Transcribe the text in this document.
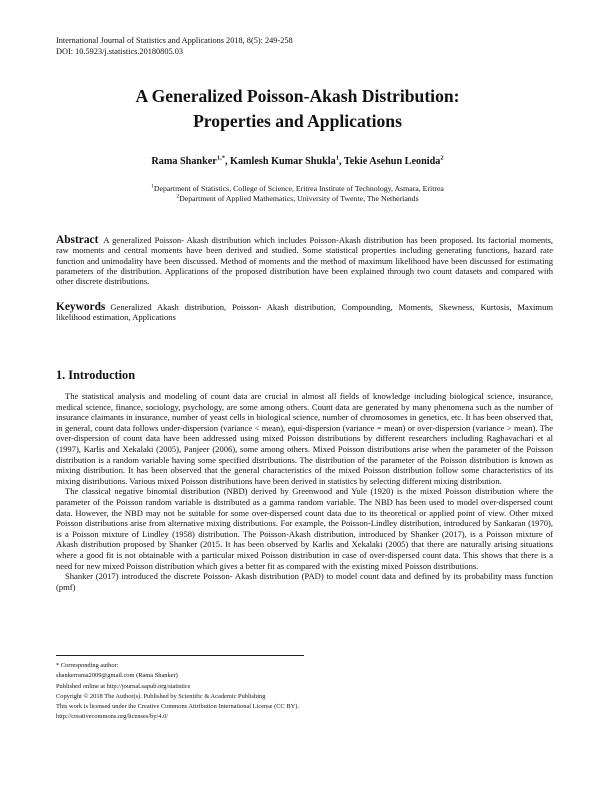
International Journal of Statistics and Applications 2018, 8(5): 249-258
DOI: 10.5923/j.statistics.20180805.03
A Generalized Poisson-Akash Distribution:
Properties and Applications
Rama Shanker$^{1,*}$, Kamlesh Kumar Shukla$^1$, Tekie Asehun Leonida$^2$
$^1$Department of Statistics, College of Science, Eritrea Institute of Technology, Asmara, Eritrea
$^2$Department of Applied Mathematics, University of Twente, The Netherlands
Abstract A generalized Poisson- Akash distribution which includes Poisson-Akash distribution has been proposed. Its factorial moments, raw moments and central moments have been derived and studied. Some statistical properties including generating functions, hazard rate function and unimodality have been discussed. Method of moments and the method of maximum likelihood have been discussed for estimating parameters of the distribution. Applications of the proposed distribution have been explained through two count datasets and compared with other discrete distributions.
Keywords Generalized Akash distribution, Poisson- Akash distribution, Compounding, Moments, Skewness, Kurtosis, Maximum likelihood estimation, Applications
1. Introduction

The statistical analysis and modeling of count data are crucial in almost all fields of knowledge including biological science, insurance, medical science, finance, sociology, psychology, are some among others. Count data are generated by many phenomena such as the number of insurance claimants in insurance, number of yeast cells in biological science, number of chromosomes in genetics, etc. It has been observed that, in general, count data follows under-dispersion (variance < mean), equi-dispersion (variance = mean) or over-dispersion (variance > mean). The over-dispersion of count data have been addressed using mixed Poisson distributions by different researchers including Raghavachari et al (1997), Karlis and Xekalaki (2005), Panjeer (2006), some among others. Mixed Poisson distributions arise when the parameter of the Poisson distribution is a random variable having some specified distributions. The distribution of the parameter of the Poisson distribution is known as mixing distribution. It has been observed that the general characteristics of the mixed Poisson distribution follow some characteristics of its mixing distributions. Various mixed Poisson distributions have been derived in statistics by selecting different mixing distribution.

The classical negative binomial distribution (NBD) derived by Greenwood and Yule (1920) is the mixed Poisson distribution where the parameter of the Poisson random variable is distributed as a gamma random variable. The NBD has been used to model over-dispersed count data. However, the NBD may not be suitable for some over-dispersed count data due to its theoretical or applied point of view. Other mixed Poisson distributions arise from alternative mixing distributions. For example, the Poisson-Lindley distribution, introduced by Sankaran (1970), is a Poisson mixture of Lindley (1958) distribution. The Poisson-Akash distribution, introduced by Shanker (2017), is a Poisson mixture of Akash distribution proposed by Shanker (2015. It has been observed by Karlis and Xekalaki (2005) that there are naturally arising situations where a good fit is not obtainable with a particular mixed Poisson distribution in case of over-dispersed count data. This shows that there is a need for new mixed Poisson distribution which gives a better fit as compared with the existing mixed Poisson distributions.

Shanker (2017) introduced the discrete Poisson- Akash distribution (PAD) to model count data and defined by its probability mass function (pmf)

* Corresponding author:
shankerrama2009@gmail.com (Rama Shanker)
Published online at http://journal.sapub.org/statistics
Copyright © 2018 The Author(s). Published by Scientific & Academic Publishing
This work is licensed under the Creative Commons Attribution International License (CC BY).
http://creativecommons.org/licenses/by/4.0/
